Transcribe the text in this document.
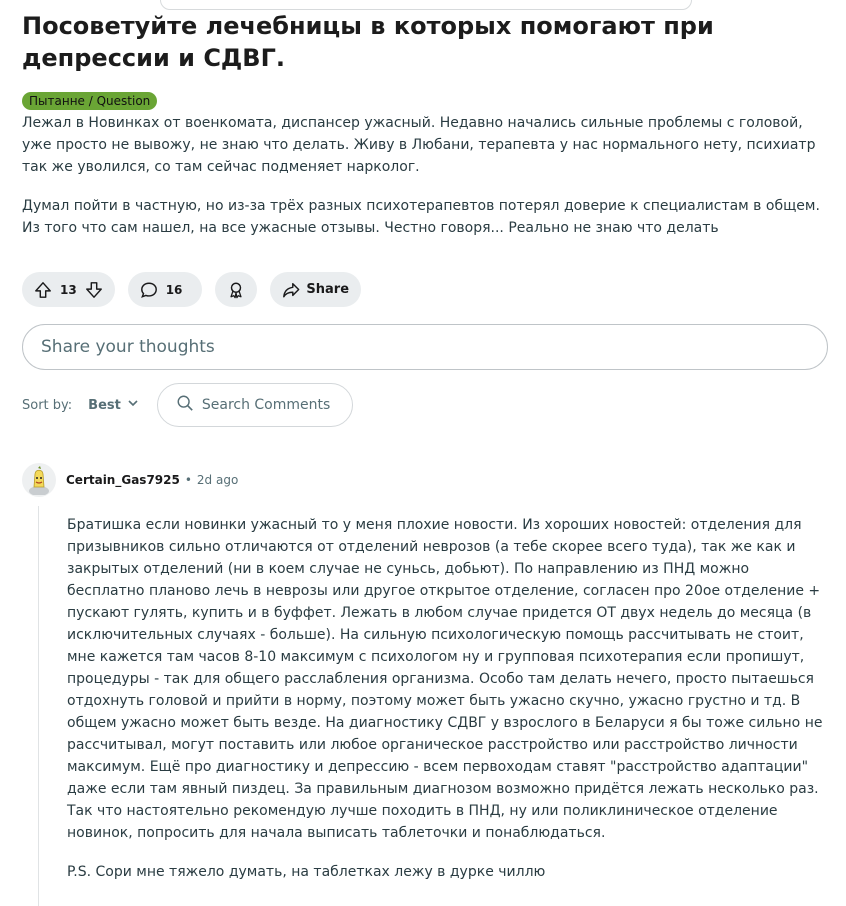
Посоветуйте лечебницы в которых помогают при депрессии и СДВГ.
Пытанне / Question

Лежал в Новинках от военкомата, диспансер ужасный. Недавно начались сильные проблемы с головой, уже просто не вывожу, не знаю что делать. Живу в Любани, терапевта у нас нормального нету, психиатр так же уволился, со там сейчас подменяет нарколог.

Думал пойти в частную, но из-за трёх разных психотерапевтов потерял доверие к специалистам в общем. Из того что сам нашел, на все ужасные отзывы. Честно говоря... Реально не знаю что делать

13	16	Share
Share your thoughts
Sort by: Best	Search Comments
Certain_Gas7925 • 2d ago

Братишка если новинки ужасный то у меня плохие новости. Из хороших новостей: отделения для призывников сильно отличаются от отделений неврозов (а тебе скорее всего туда), так же как и закрытых отделений (ни в коем случае не суньсь, добьют). По направлению из ПНД можно бесплатно планово лечь в неврозы или другое открытое отделение, согласен про 20ое отделение + пускают гулять, купить и в буффет. Лежать в любом случае придется ОТ двух недель до месяца (в исключительных случаях - больше). На сильную психологическую помощь рассчитывать не стоит, мне кажется там часов 8-10 максимум с психологом ну и групповая психотерапия если пропишут, процедуры - так для общего расслабления организма. Особо там делать нечего, просто пытаешься отдохнуть головой и прийти в норму, поэтому может быть ужасно скучно, ужасно грустно и тд. В общем ужасно может быть везде. На диагностику СДВГ у взрослого в Беларуси я бы тоже сильно не рассчитывал, могут поставить или любое органическое расстройство или расстройство личности максимум. Ещё про диагностику и депрессию - всем первоходам ставят "расстройство адаптации" даже если там явный пиздец. За правильным диагнозом возможно придётся лежать несколько раз. Так что настоятельно рекомендую лучше походить в ПНД, ну или поликлиническое отделение новинок, попросить для начала выписать таблеточки и понаблюдаться.

P.S. Сори мне тяжело думать, на таблетках лежу в дурке чиллю
